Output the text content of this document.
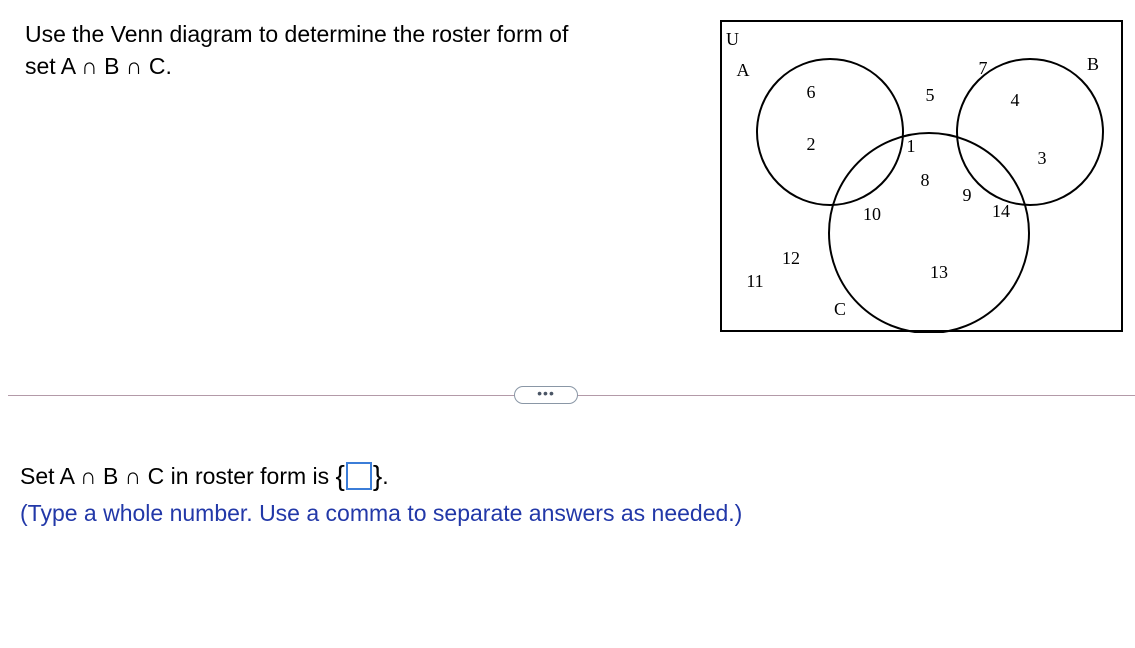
Use the Venn diagram to determine the roster form of
set A ∩ B ∩ C.
U
A	B
C
6
2
7
4
3
5
1
8
10
9
14
13
12
11
•••
Set A ∩ B ∩ C in roster form is { }.
(Type a whole number. Use a comma to separate answers as needed.)
